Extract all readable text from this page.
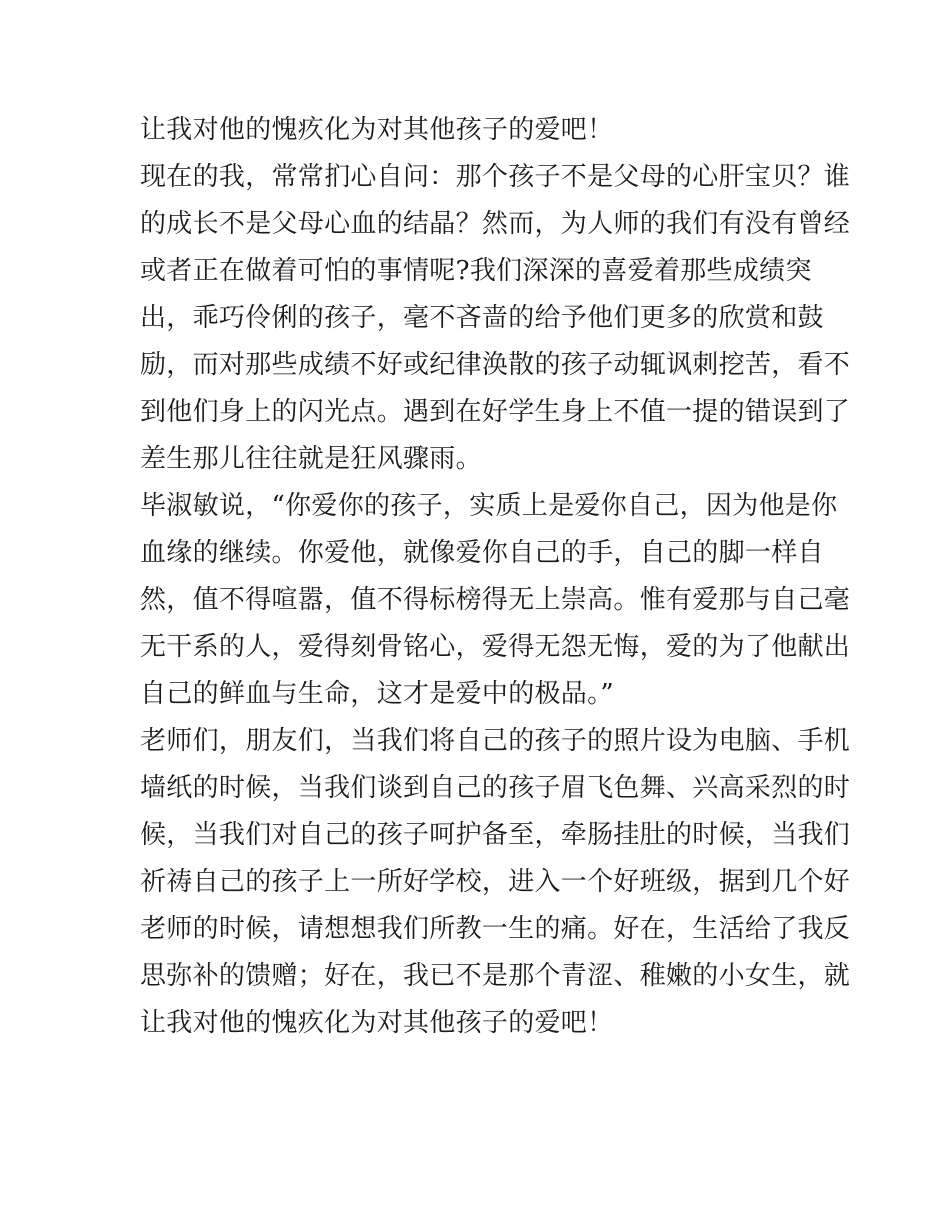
让我对他的愧疚化为对其他孩子的爱吧！
现在的我，常常扪心自问：那个孩子不是父母的心肝宝贝？谁
的成长不是父母心血的结晶？然而，为人师的我们有没有曾经
或者正在做着可怕的事情呢?我们深深的喜爱着那些成绩突
出，乖巧伶俐的孩子，毫不吝啬的给予他们更多的欣赏和鼓
励，而对那些成绩不好或纪律涣散的孩子动辄讽刺挖苦，看不
到他们身上的闪光点。遇到在好学生身上不值一提的错误到了
差生那儿往往就是狂风骤雨。
毕淑敏说，“你爱你的孩子，实质上是爱你自己，因为他是你
血缘的继续。你爱他，就像爱你自己的手，自己的脚一样自
然，值不得喧嚣，值不得标榜得无上崇高。惟有爱那与自己毫
无干系的人，爱得刻骨铭心，爱得无怨无悔，爱的为了他献出
自己的鲜血与生命，这才是爱中的极品。”
老师们，朋友们，当我们将自己的孩子的照片设为电脑、手机
墙纸的时候，当我们谈到自己的孩子眉飞色舞、兴高采烈的时
候，当我们对自己的孩子呵护备至，牵肠挂肚的时候，当我们
祈祷自己的孩子上一所好学校，进入一个好班级，据到几个好
老师的时候，请想想我们所教一生的痛。好在，生活给了我反
思弥补的馈赠；好在，我已不是那个青涩、稚嫩的小女生，就
让我对他的愧疚化为对其他孩子的爱吧！
